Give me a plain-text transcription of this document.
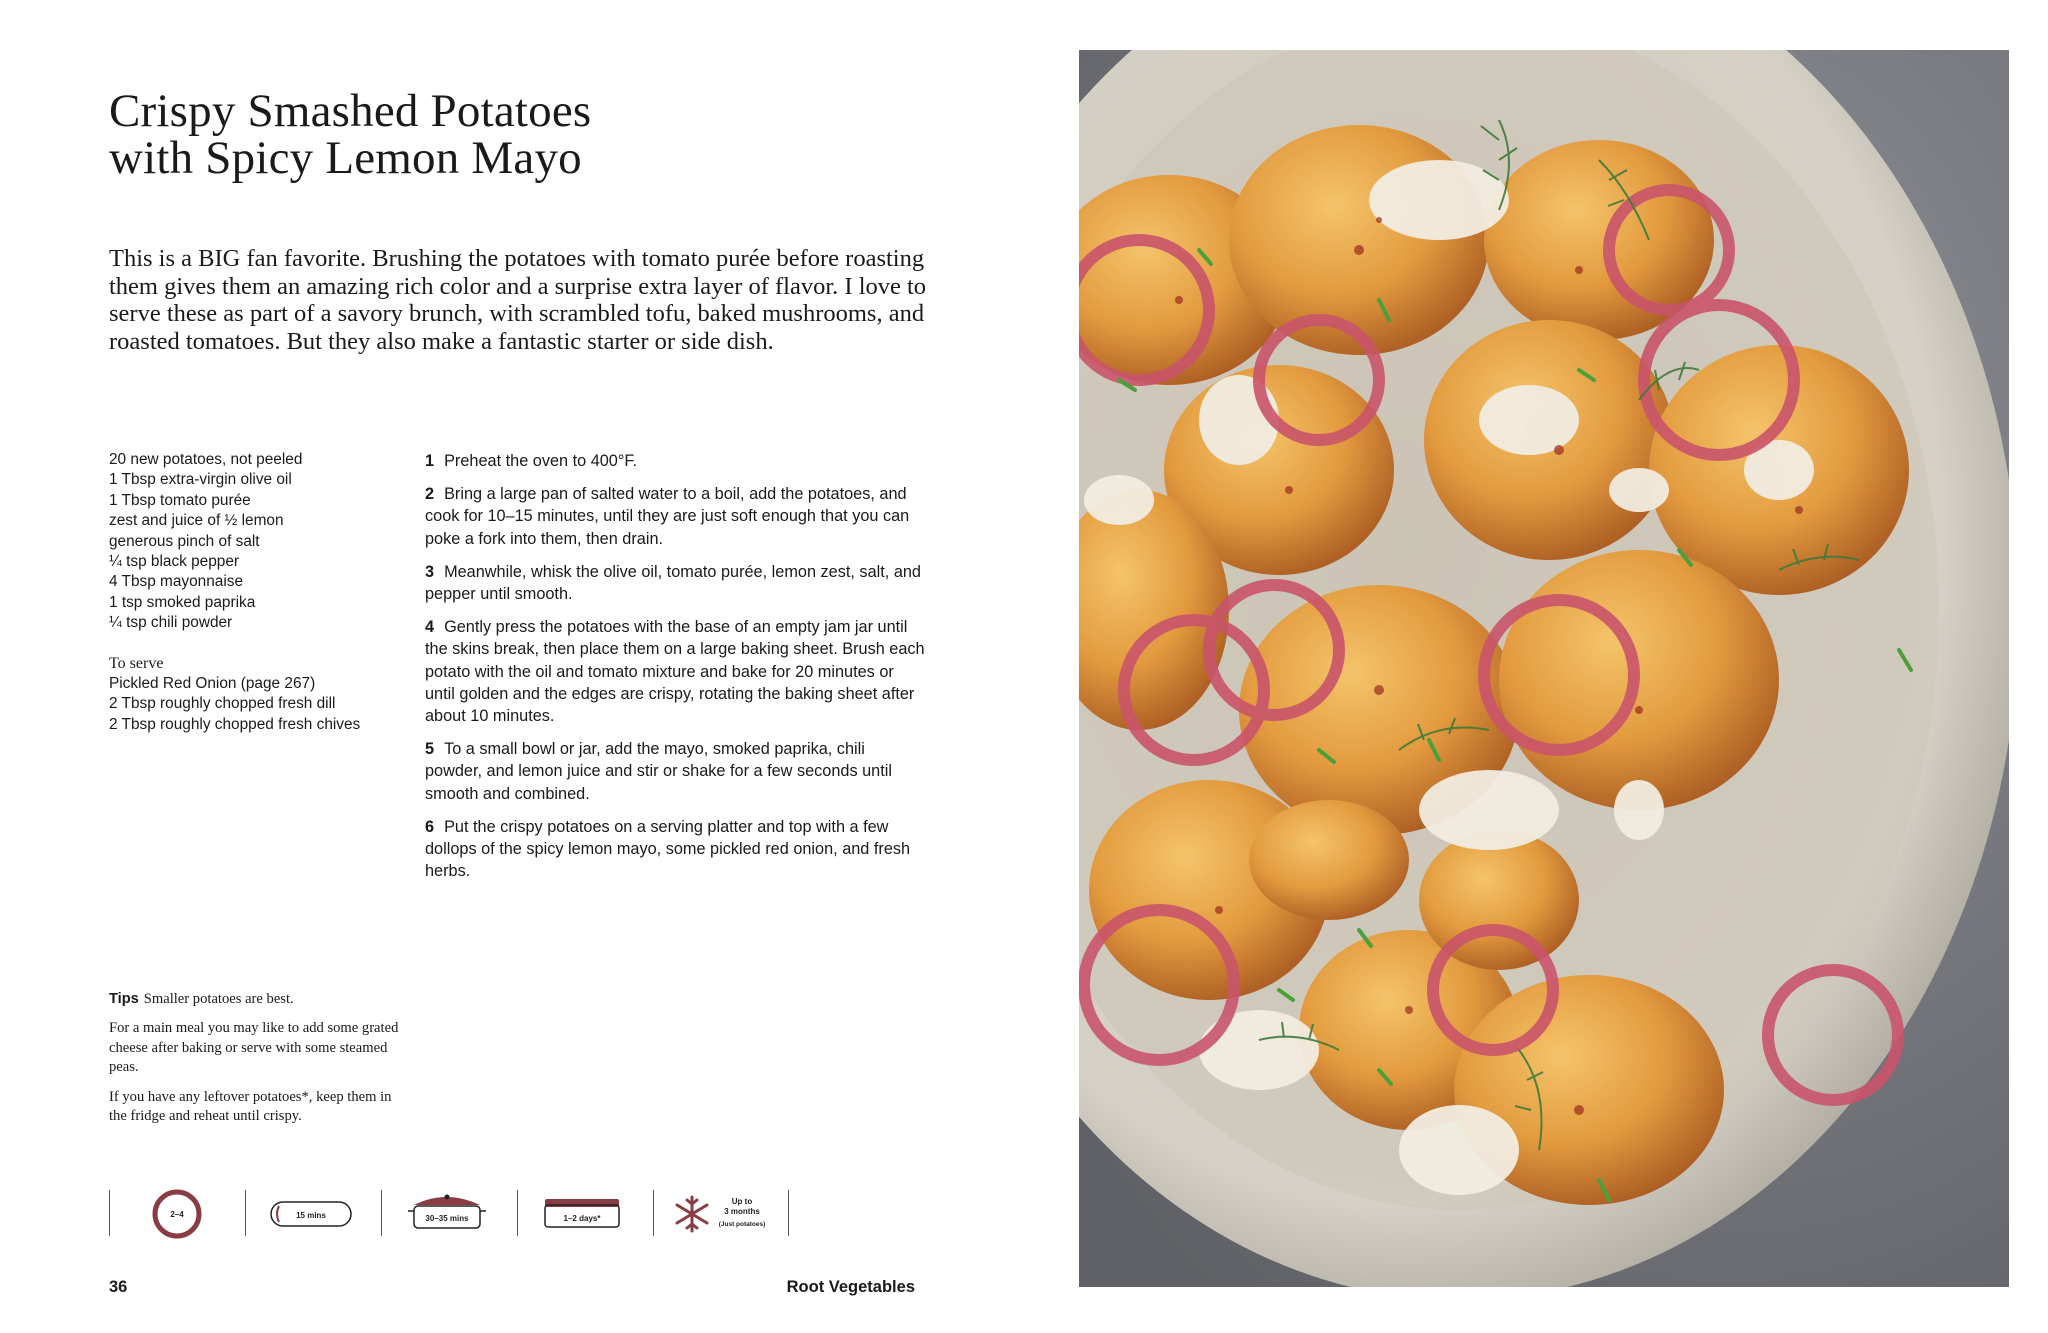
Crispy Smashed Potatoes
with Spicy Lemon Mayo

This is a BIG fan favorite. Brushing the potatoes with tomato purée before roasting them gives them an amazing rich color and a surprise extra layer of flavor. I love to serve these as part of a savory brunch, with scrambled tofu, baked mushrooms, and roasted tomatoes. But they also make a fantastic starter or side dish.

20 new potatoes, not peeled
1 Tbsp extra-virgin olive oil
1 Tbsp tomato purée
zest and juice of ½ lemon
generous pinch of salt
¼ tsp black pepper
4 Tbsp mayonnaise
1 tsp smoked paprika
¼ tsp chili powder
To serve
Pickled Red Onion (page 267)
2 Tbsp roughly chopped fresh dill
2 Tbsp roughly chopped fresh chives

1 Preheat the oven to 400°F.

2 Bring a large pan of salted water to a boil, add the potatoes, and cook for 10–15 minutes, until they are just soft enough that you can poke a fork into them, then drain.

3 Meanwhile, whisk the olive oil, tomato purée, lemon zest, salt, and pepper until smooth.

4 Gently press the potatoes with the base of an empty jam jar until the skins break, then place them on a large baking sheet. Brush each potato with the oil and tomato mixture and bake for 20 minutes or until golden and the edges are crispy, rotating the baking sheet after about 10 minutes.

5 To a small bowl or jar, add the mayo, smoked paprika, chili powder, and lemon juice and stir or shake for a few seconds until smooth and combined.

6 Put the crispy potatoes on a serving platter and top with a few dollops of the spicy lemon mayo, some pickled red onion, and fresh herbs.

Tips Smaller potatoes are best.

For a main meal you may like to add some grated cheese after baking or serve with some steamed peas.

If you have any leftover potatoes*, keep them in the fridge and reheat until crispy.

2–4	15 mins	30–35 mins	1–2 days*
Up to
3 months
(Just potatoes)
36	Root Vegetables
